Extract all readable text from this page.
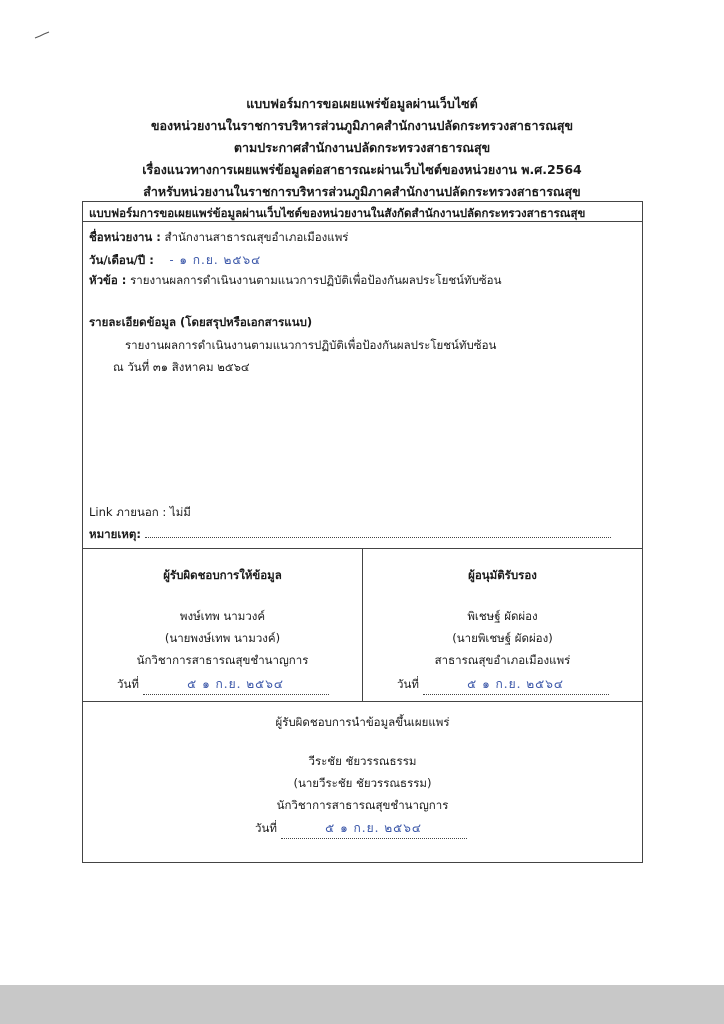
แบบฟอร์มการขอเผยแพร่ข้อมูลผ่านเว็บไซต์
ของหน่วยงานในราชการบริหารส่วนภูมิภาคสำนักงานปลัดกระทรวงสาธารณสุข
ตามประกาศสำนักงานปลัดกระทรวงสาธารณสุข
เรื่องแนวทางการเผยแพร่ข้อมูลต่อสาธารณะผ่านเว็บไซต์ของหน่วยงาน พ.ศ.2564
สำหรับหน่วยงานในราชการบริหารส่วนภูมิภาคสำนักงานปลัดกระทรวงสาธารณสุข
แบบฟอร์มการขอเผยแพร่ข้อมูลผ่านเว็บไซต์ของหน่วยงานในสังกัดสำนักงานปลัดกระทรวงสาธารณสุข
ชื่อหน่วยงาน : สำนักงานสาธารณสุขอำเภอเมืองแพร่
วัน/เดือน/ปี : - ๑ ก.ย. ๒๕๖๔
หัวข้อ : รายงานผลการดำเนินงานตามแนวการปฏิบัติเพื่อป้องกันผลประโยชน์ทับซ้อน
รายละเอียดข้อมูล (โดยสรุปหรือเอกสารแนบ)
รายงานผลการดำเนินงานตามแนวการปฏิบัติเพื่อป้องกันผลประโยชน์ทับซ้อน
ณ วันที่ ๓๑ สิงหาคม ๒๕๖๔
Link ภายนอก : ไม่มี
หมายเหตุ:
ผู้รับผิดชอบการให้ข้อมูล
พงษ์เทพ นามวงค์
(นายพงษ์เทพ นามวงค์)
นักวิชาการสาธารณสุขชำนาญการ
วันที่	๕ ๑ ก.ย. ๒๕๖๔
ผู้อนุมัติรับรอง
พิเชษฐ์ ผัดผ่อง
(นายพิเชษฐ์ ผัดผ่อง)
สาธารณสุขอำเภอเมืองแพร่
วันที่	๕ ๑ ก.ย. ๒๕๖๔
ผู้รับผิดชอบการนำข้อมูลขึ้นเผยแพร่
วีระชัย ชัยวรรณธรรม
(นายวีระชัย ชัยวรรณธรรม)
นักวิชาการสาธารณสุขชำนาญการ
วันที่	๕ ๑ ก.ย. ๒๕๖๔
